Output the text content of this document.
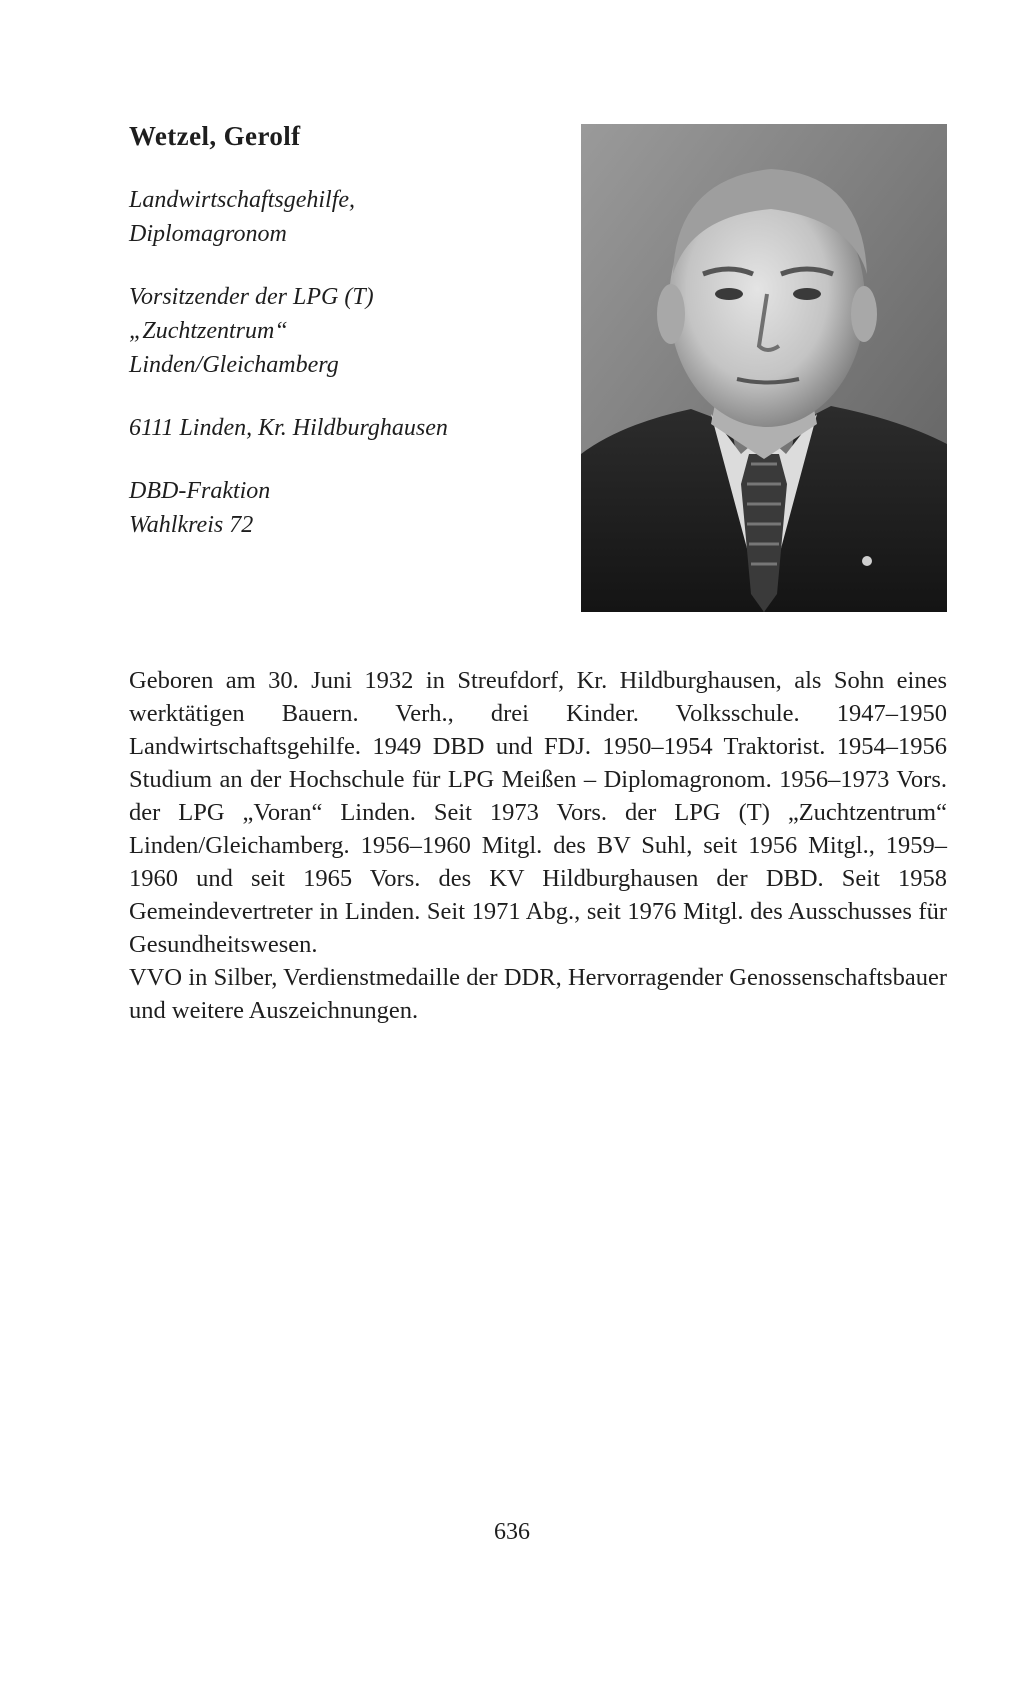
Wetzel, Gerolf
Landwirtschaftsgehilfe,
Diplomagronom
Vorsitzender der LPG (T)
„Zuchtzentrum“
Linden/Gleichamberg
6111 Linden, Kr. Hildburghausen
DBD-Fraktion
Wahlkreis 72

Geboren am 30. Juni 1932 in Streufdorf, Kr. Hildburghausen, als Sohn eines werktätigen Bauern. Verh., drei Kinder. Volksschule. 1947–1950 Landwirtschaftsgehilfe. 1949 DBD und FDJ. 1950–1954 Traktorist. 1954–1956 Studium an der Hochschule für LPG Meißen – Diplomagronom. 1956–1973 Vors. der LPG „Voran“ Linden. Seit 1973 Vors. der LPG (T) „Zuchtzentrum“ Linden/Gleichamberg. 1956–1960 Mitgl. des BV Suhl, seit 1956 Mitgl., 1959–1960 und seit 1965 Vors. des KV Hildburghausen der DBD. Seit 1958 Gemeindevertreter in Linden. Seit 1971 Abg., seit 1976 Mitgl. des Ausschusses für Gesundheitswesen.

VVO in Silber, Verdienstmedaille der DDR, Hervorragender Genossenschaftsbauer und weitere Auszeichnungen.

636
